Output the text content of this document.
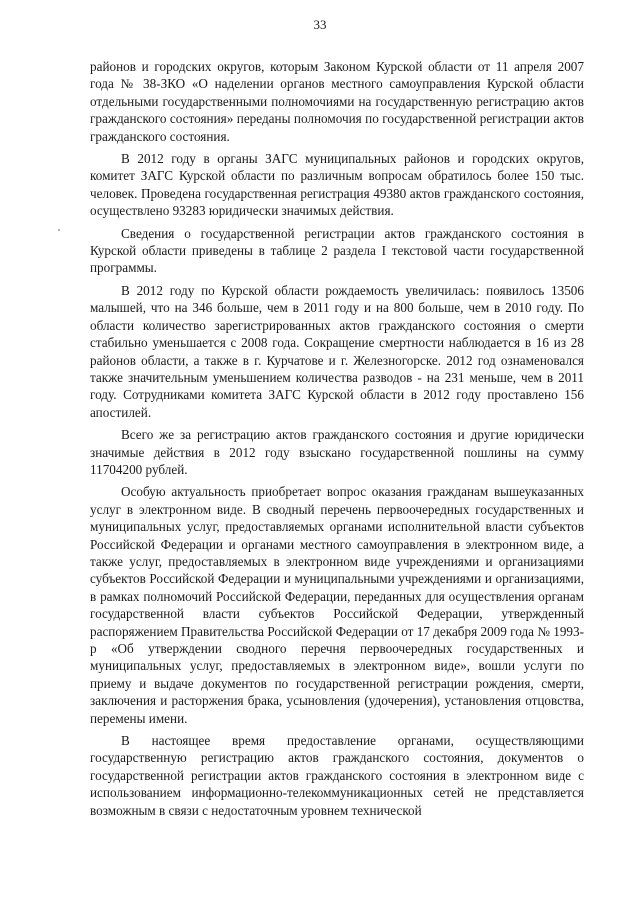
33

районов и городских округов, которым Законом Курской области от 11 апреля 2007 года № 38-ЗКО «О наделении органов местного самоуправления Курской области отдельными государственными полномочиями на государственную регистрацию актов гражданского состояния» переданы полномочия по государственной регистрации актов гражданского состояния.

В 2012 году в органы ЗАГС муниципальных районов и городских округов, комитет ЗАГС Курской области по различным вопросам обратилось более 150 тыс. человек. Проведена государственная регистрация 49380 актов гражданского состояния, осуществлено 93283 юридически значимых действия.

Сведения о государственной регистрации актов гражданского состояния в Курской области приведены в таблице 2 раздела I текстовой части государственной программы.

В 2012 году по Курской области рождаемость увеличилась: появилось 13506 малышей, что на 346 больше, чем в 2011 году и на 800 больше, чем в 2010 году. По области количество зарегистрированных актов гражданского состояния о смерти стабильно уменьшается с 2008 года. Сокращение смертности наблюдается в 16 из 28 районов области, а также в г. Курчатове и г. Железногорске. 2012 год ознаменовался также значительным уменьшением количества разводов - на 231 меньше, чем в 2011 году. Сотрудниками комитета ЗАГС Курской области в 2012 году проставлено 156 апостилей.

Всего же за регистрацию актов гражданского состояния и другие юридически значимые действия в 2012 году взыскано государственной пошлины на сумму 11704200 рублей.

Особую актуальность приобретает вопрос оказания гражданам вышеуказанных услуг в электронном виде. В сводный перечень первоочередных государственных и муниципальных услуг, предоставляемых органами исполнительной власти субъектов Российской Федерации и органами местного самоуправления в электронном виде, а также услуг, предоставляемых в электронном виде учреждениями и организациями субъектов Российской Федерации и муниципальными учреждениями и организациями, в рамках полномочий Российской Федерации, переданных для осуществления органам государственной власти субъектов Российской Федерации, утвержденный распоряжением Правительства Российской Федерации от 17 декабря 2009 года № 1993-р «Об утверждении сводного перечня первоочередных государственных и муниципальных услуг, предоставляемых в электронном виде», вошли услуги по приему и выдаче документов по государственной регистрации рождения, смерти, заключения и расторжения брака, усыновления (удочерения), установления отцовства, перемены имени.

В настоящее время предоставление органами, осуществляющими государственную регистрацию актов гражданского состояния, документов о государственной регистрации актов гражданского состояния в электронном виде с использованием информационно-телекоммуникационных сетей не представляется возможным в связи с недостаточным уровнем технической
